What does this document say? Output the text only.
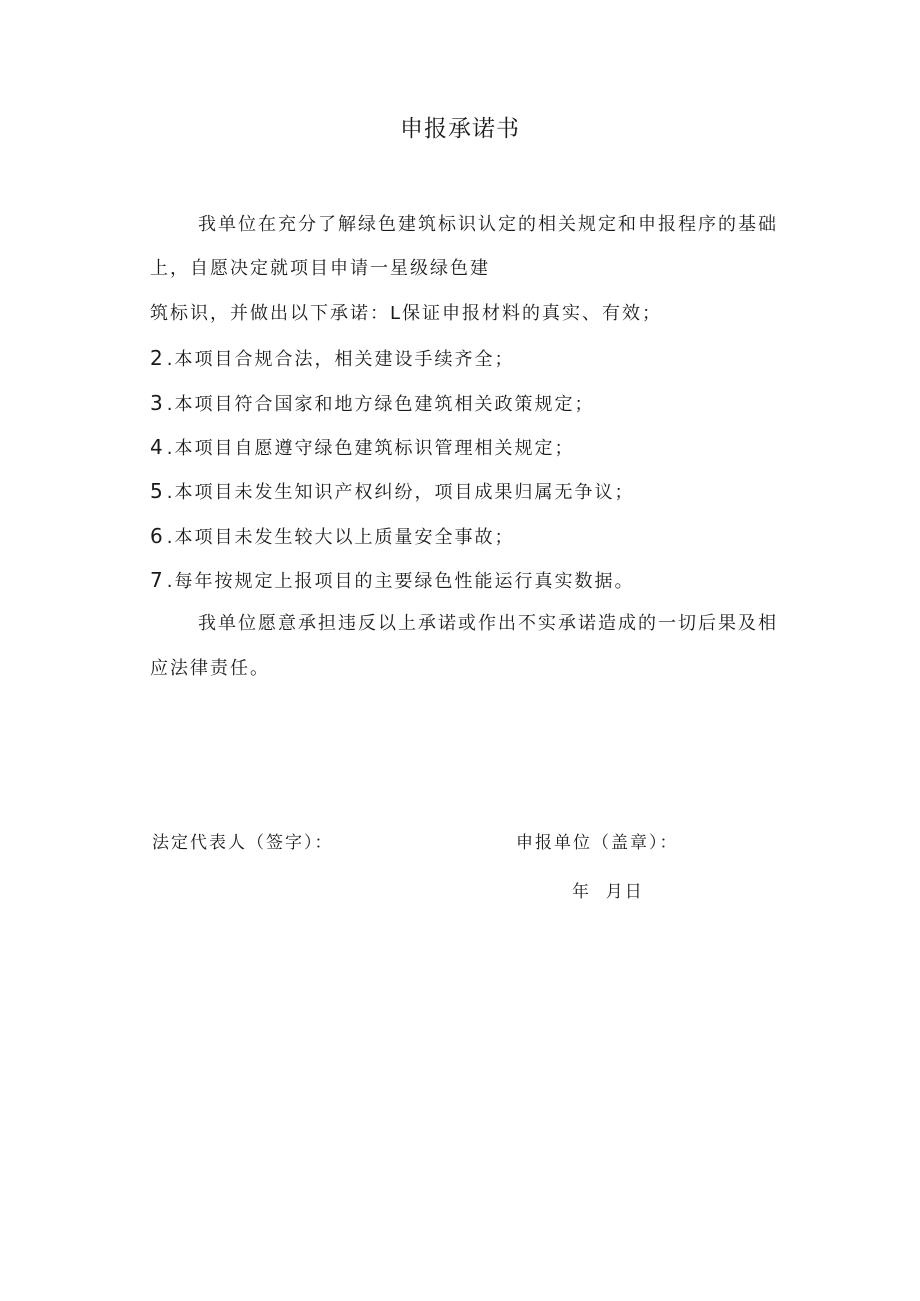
申报承诺书
我单位在充分了解绿色建筑标识认定的相关规定和申报程序的基础
上，自愿决定就项目申请一星级绿色建
筑标识，并做出以下承诺：L保证申报材料的真实、有效；
2 .本项目合规合法，相关建设手续齐全；
3 .本项目符合国家和地方绿色建筑相关政策规定；
4 .本项目自愿遵守绿色建筑标识管理相关规定；
5 .本项目未发生知识产权纠纷，项目成果归属无争议；
6 .本项目未发生较大以上质量安全事故；
7 .每年按规定上报项目的主要绿色性能运行真实数据。
我单位愿意承担违反以上承诺或作出不实承诺造成的一切后果及相
应法律责任。
法定代表人（签字）：	申报单位（盖章）：
年  月日
